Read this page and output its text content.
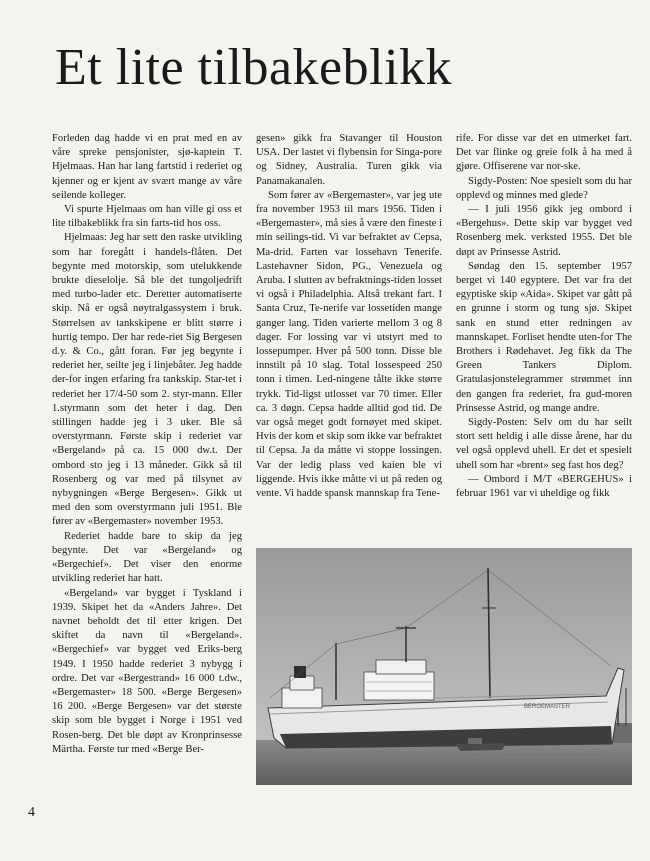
Et lite tilbakeblikk

Forleden dag hadde vi en prat med en av våre spreke pensjonister, sjø-kaptein T. Hjelmaas. Han har lang fartstid i rederiet og kjenner og er kjent av svært mange av våre seilende kolleger.

Vi spurte Hjelmaas om han ville gi oss et lite tilbakeblikk fra sin farts-tid hos oss.

Hjelmaas: Jeg har sett den raske utvikling som har foregått i handels-flåten. Det begynte med motorskip, som utelukkende brukte dieselolje. Så ble det tungoljedrift med turbo-lader etc. Deretter automatiserte skip. Nå er også nøytralgassystem i bruk. Størrelsen av tankskipene er blitt større i hurtig tempo. Der har rede-riet Sig Bergesen d.y. & Co., gått foran. Før jeg begynte i rederiet her, seilte jeg i linjebåter. Jeg hadde der-for ingen erfaring fra tankskip. Star-tet i rederiet her 17/4-50 som 2. styr-mann. Eller 1.styrmann som det heter i dag. Den stillingen hadde jeg i 3 uker. Ble så overstyrmann. Første skip i rederiet var «Bergeland» på ca. 15 000 dw.t. Der ombord sto jeg i 13 måneder. Gikk så til Rosenberg og var med på tilsynet av nybygningen «Berge Bergesen». Gikk ut med den som overstyrmann juli 1951. Ble fører av «Bergemaster» november 1953.

Rederiet hadde bare to skip da jeg begynte. Det var «Bergeland» og «Bergechief». Det viser den enorme utvikling rederiet har hatt.

«Bergeland» var bygget i Tyskland i 1939. Skipet het da «Anders Jahre». Det navnet beholdt det til etter krigen. Det skiftet da navn til «Bergeland». «Bergechief» var bygget ved Eriks-berg 1949. I 1950 hadde rederiet 3 nybygg i ordre. Det var «Bergestrand» 16 000 t.dw., «Bergemaster» 18 500. «Berge Bergesen» 16 200. «Berge Bergesen» var det største skip som ble bygget i Norge i 1951 ved Rosen-berg. Det ble døpt av Kronprinsesse Märtha. Første tur med «Berge Ber-

gesen» gikk fra Stavanger til Houston USA. Der lastet vi flybensin for Singa-pore og Sidney, Australia. Turen gikk via Panamakanalen.

Som fører av «Bergemaster», var jeg ute fra november 1953 til mars 1956. Tiden i «Bergemaster», må sies å være den fineste i min seilings-tid. Vi var befraktet av Cepsa, Ma-drid. Farten var lossehavn Tenerife. Lastehavner Sidon, PG., Venezuela og Aruba. I slutten av befraktnings-tiden losset vi også i Philadelphia. Altså trekant fart. I Santa Cruz, Te-nerife var lossetiden mange ganger lang. Tiden varierte mellom 3 og 8 dager. For lossing var vi utstyrt med to lossepumper. Hver på 500 tonn. Disse ble innstilt på 10 slag. Total lossespeed 250 tonn i timen. Led-ningene tålte ikke større trykk. Tid-ligst utlosset var 70 timer. Eller ca. 3 døgn. Cepsa hadde alltid god tid. De var også meget godt fornøyet med skipet. Hvis der kom et skip som ikke var befraktet til Cepsa. Ja da måtte vi stoppe lossingen. Var der ledig plass ved kaien ble vi liggende. Hvis ikke måtte vi ut på reden og vente. Vi hadde spansk mannskap fra Tene-

rife. For disse var det en utmerket fart. Det var flinke og greie folk å ha med å gjøre. Offiserene var nor-ske.

Sigdy-Posten: Noe spesielt som du har opplevd og minnes med glede?

— I juli 1956 gikk jeg ombord i «Bergehus». Dette skip var bygget ved Rosenberg mek. verksted 1955. Det ble døpt av Prinsesse Astrid.

Søndag den 15. september 1957 berget vi 140 egyptere. Det var fra det egyptiske skip «Aida». Skipet var gått på en grunne i storm og tung sjø. Skipet sank en stund etter redningen av mannskapet. Forliset hendte uten-for The Brothers i Rødehavet. Jeg fikk da The Green Tankers Diplom. Gratulasjonstelegrammer strømmet inn den gangen fra rederiet, fra gud-moren Prinsesse Astrid, og mange andre.

Sigdy-Posten: Selv om du har seilt stort sett heldig i alle disse årene, har du vel også opplevd uhell. Er det et spesielt uhell som har «brent» seg fast hos deg?

— Ombord i M/T «BERGEHUS» i februar 1961 var vi uheldige og fikk

BERGEMASTER
4
